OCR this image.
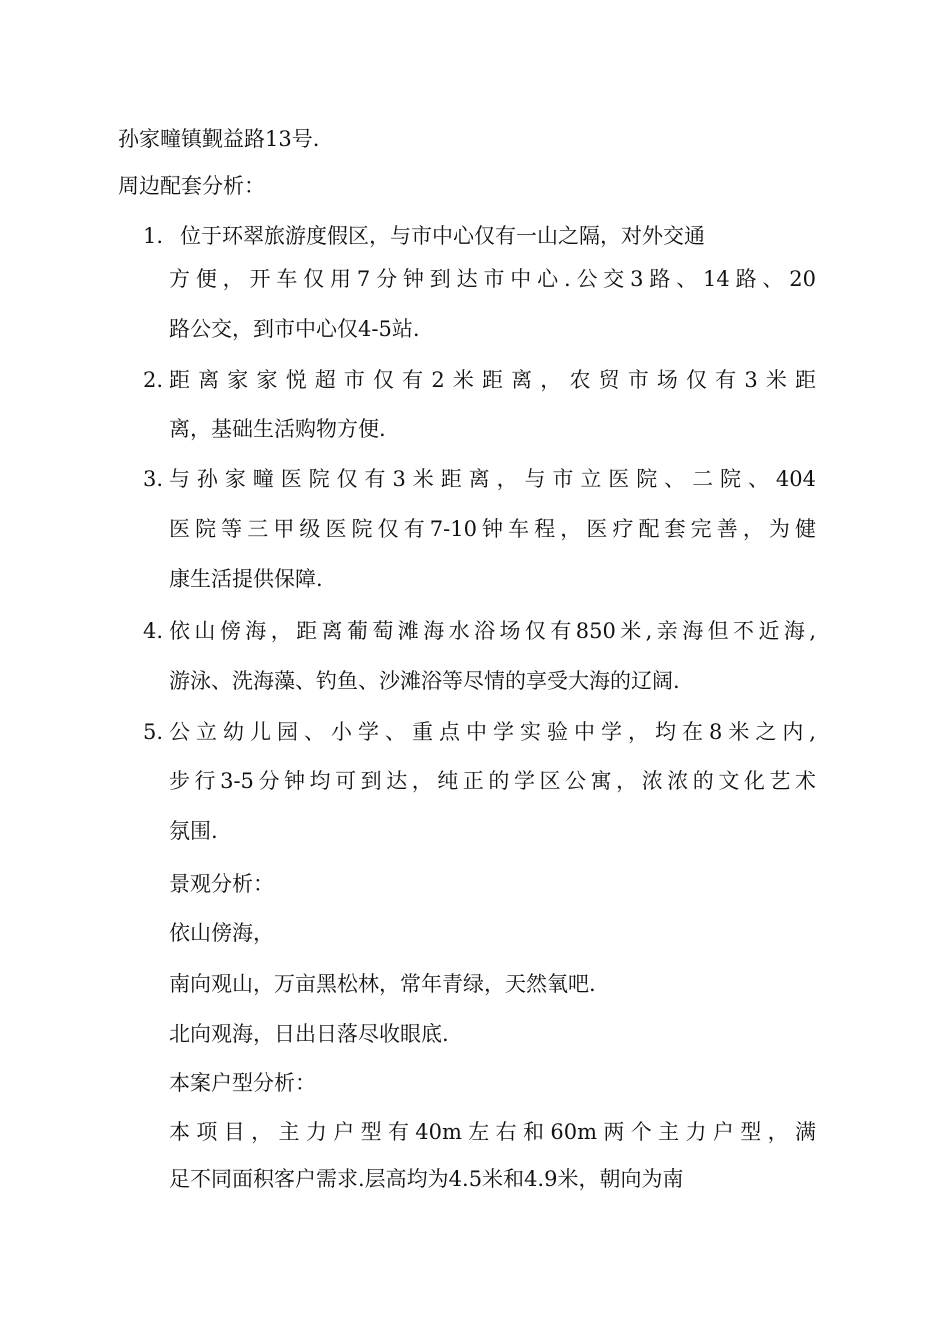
孙家疃镇觐益路13号.
周边配套分析：
1. 位于环翠旅游度假区，与市中心仅有一山之隔，对外交通
方便，开车仅用7分钟到达市中心.公交3路、14路、20
路公交，到市中心仅4-5站.
2. 距离家家悦超市仅有2米距离，农贸市场仅有3米距
离，基础生活购物方便.
3. 与孙家疃医院仅有3米距离，与市立医院、二院、404
医院等三甲级医院仅有7-10钟车程，医疗配套完善，为健
康生活提供保障.
4. 依山傍海，距离葡萄滩海水浴场仅有850米,亲海但不近海,
游泳、洗海藻、钓鱼、沙滩浴等尽情的享受大海的辽阔.
5. 公立幼儿园、小学、重点中学实验中学，均在8米之内,
步行3-5分钟均可到达，纯正的学区公寓，浓浓的文化艺术
氛围.
景观分析：
依山傍海，
南向观山，万亩黑松林，常年青绿，天然氧吧.
北向观海，日出日落尽收眼底.
本案户型分析：
本项目，主力户型有40m左右和60m两个主力户型，满
足不同面积客户需求.层高均为4.5米和4.9米，朝向为南
